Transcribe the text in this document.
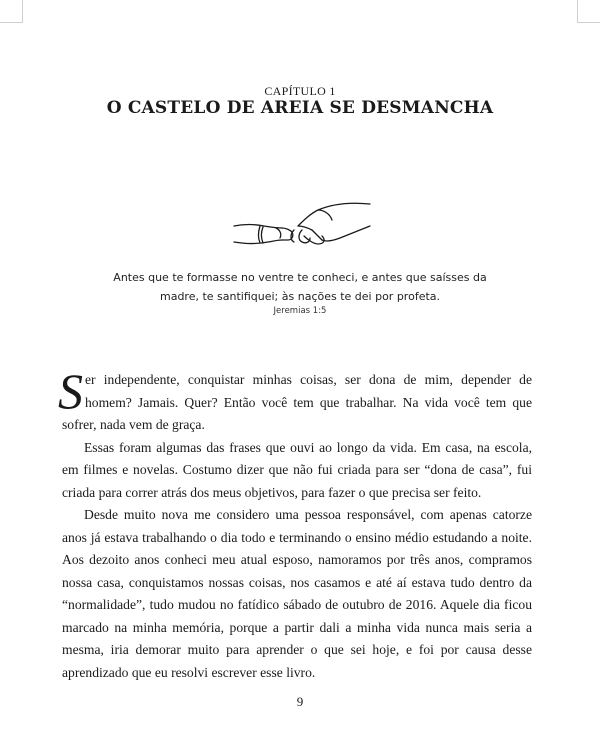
CAPÍTULO 1
O CASTELO DE AREIA SE DESMANCHA
Antes que te formasse no ventre te conheci, e antes que saísses da madre, te santifiquei; às nações te dei por profeta.
Jeremias 1:5

Ser independente, conquistar minhas coisas, ser dona de mim, depender de homem? Jamais. Quer? Então você tem que trabalhar. Na vida você tem que sofrer, nada vem de graça.

Essas foram algumas das frases que ouvi ao longo da vida. Em casa, na escola, em filmes e novelas. Costumo dizer que não fui criada para ser “dona de casa”, fui criada para correr atrás dos meus objetivos, para fazer o que precisa ser feito.

Desde muito nova me considero uma pessoa responsável, com apenas catorze anos já estava trabalhando o dia todo e terminando o ensino médio estudando a noite. Aos dezoito anos conheci meu atual esposo, namoramos por três anos, compramos nossa casa, conquistamos nossas coisas, nos casamos e até aí estava tudo dentro da “normalidade”, tudo mudou no fatídico sábado de outubro de 2016. Aquele dia ficou marcado na minha memória, porque a partir dali a minha vida nunca mais seria a mesma, iria demorar muito para aprender o que sei hoje, e foi por causa desse aprendizado que eu resolvi escrever esse livro.

9
